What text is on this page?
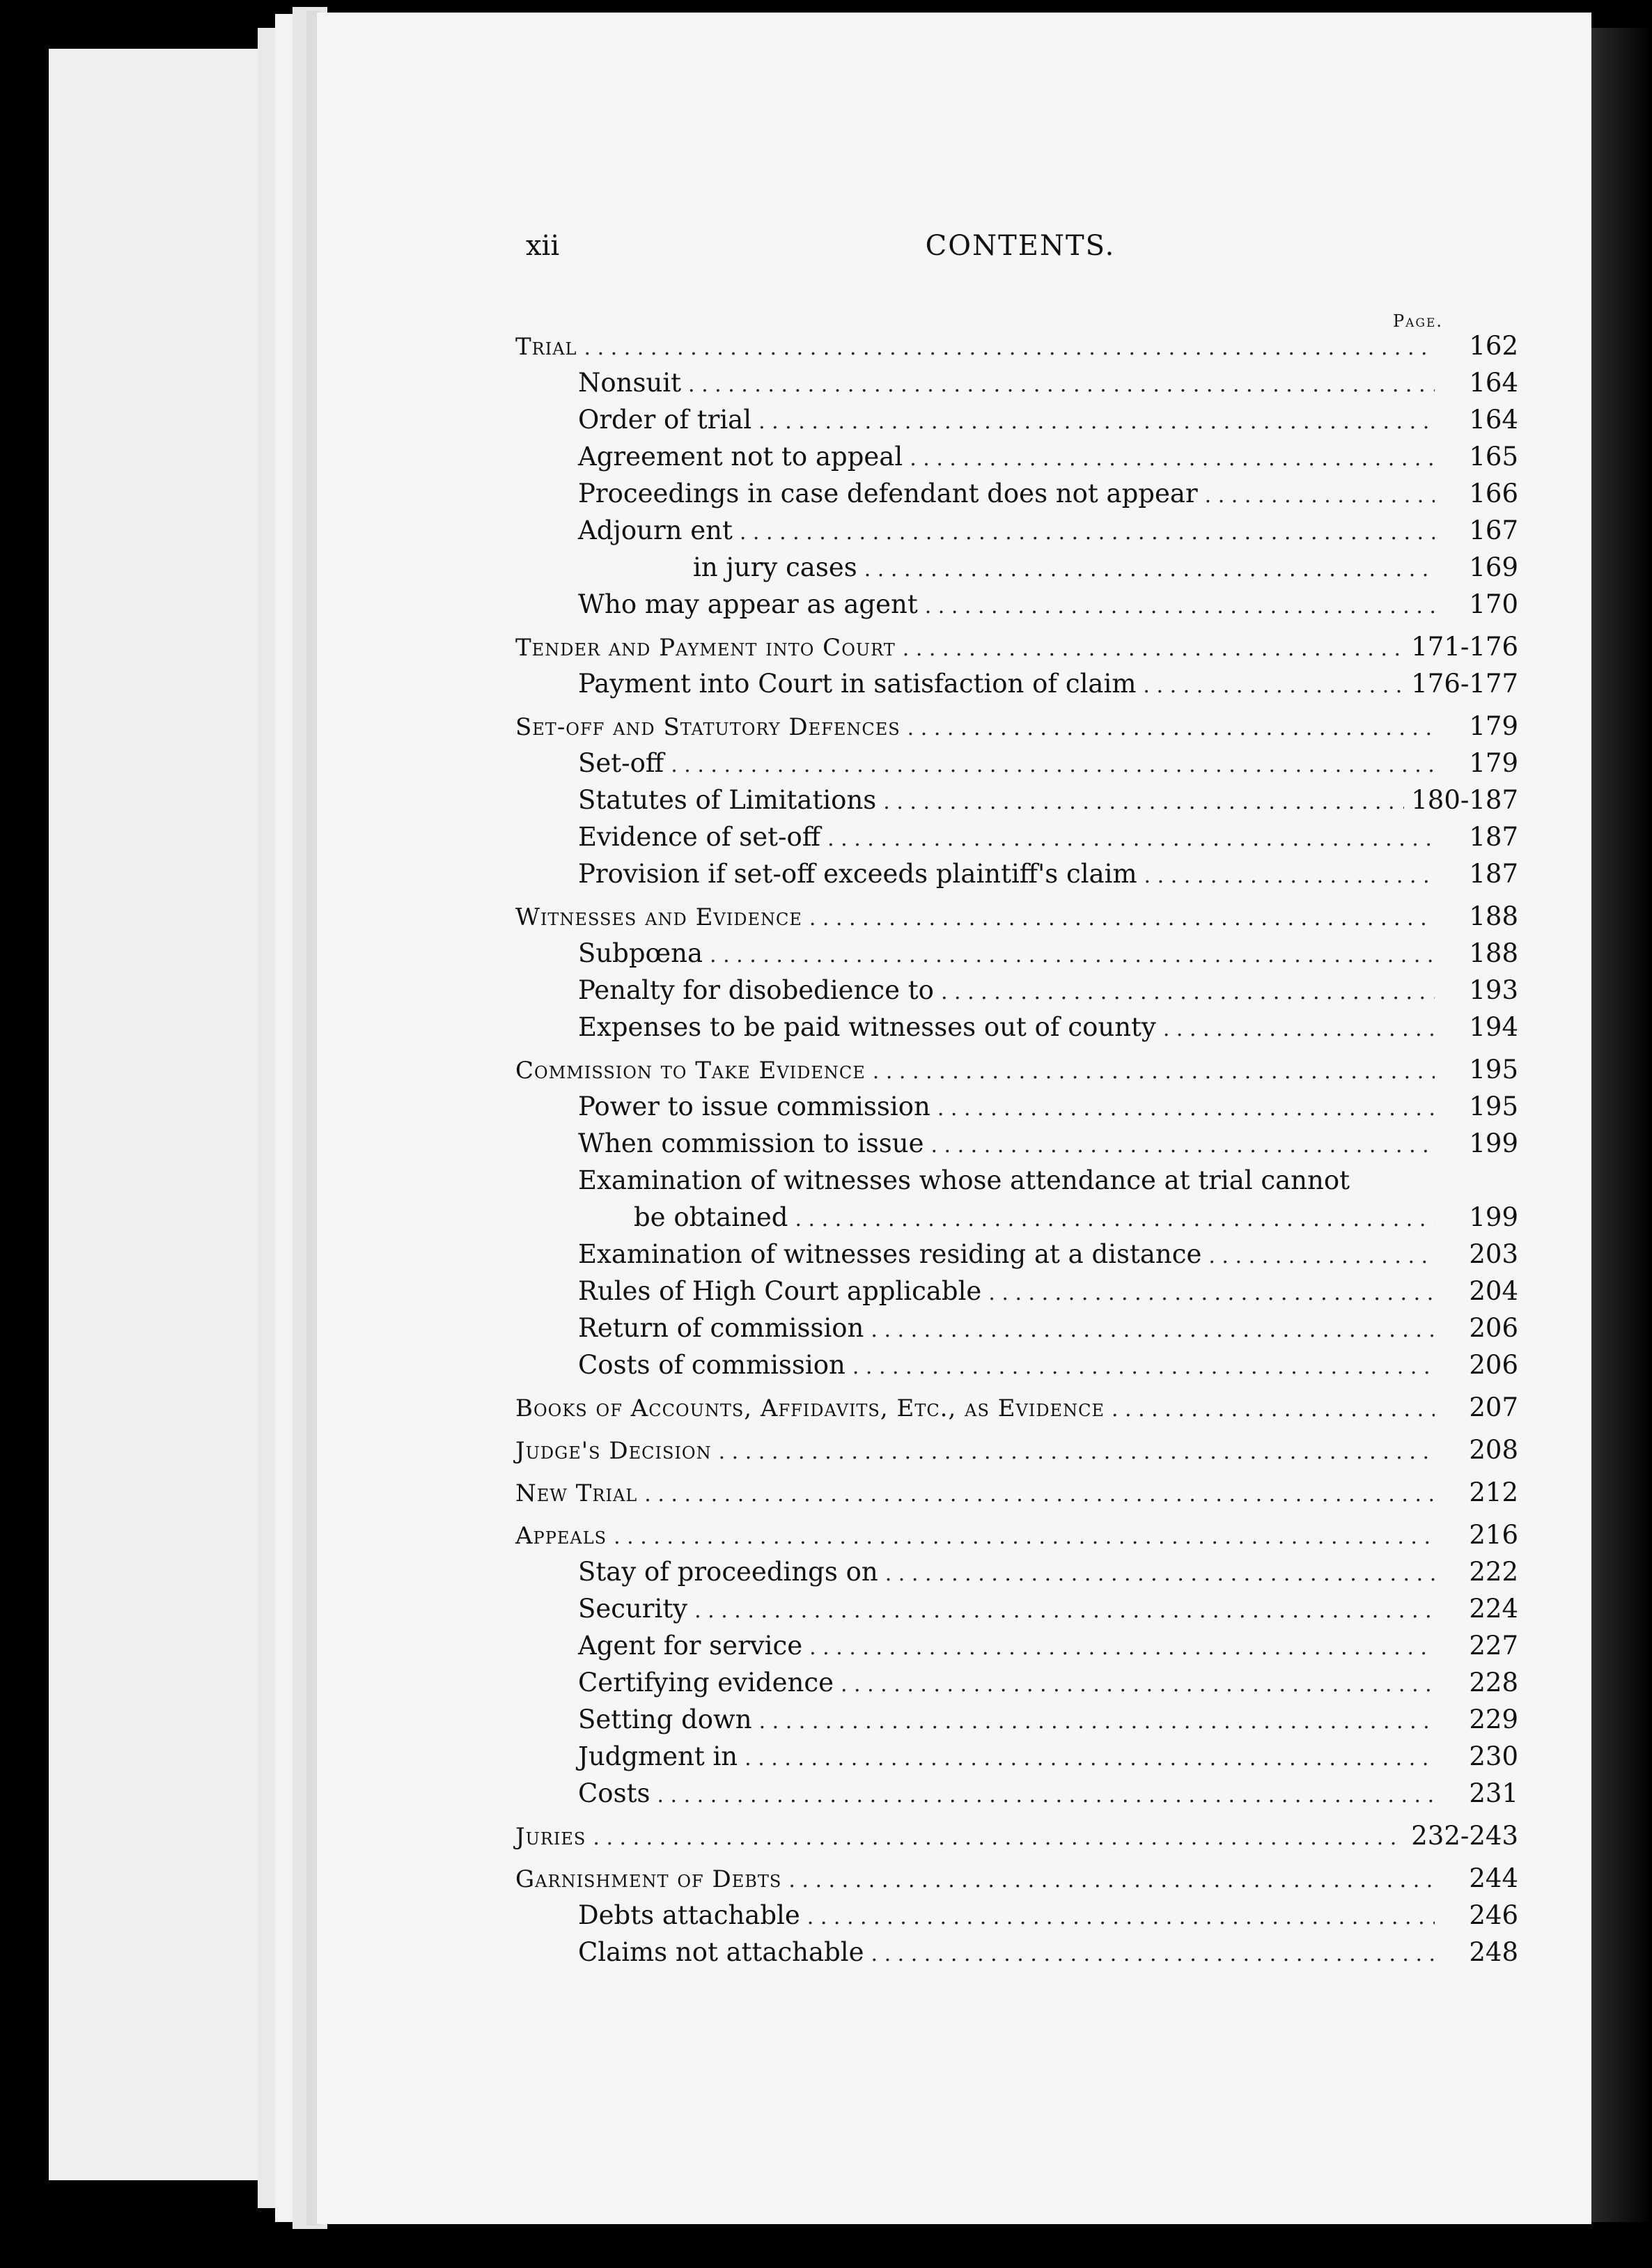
xii	CONTENTS.
Page.
Trial . . .	162
Nonsuit . . .	164
Order of trial . . .	164
Agreement not to appeal . . .	165
Proceedings in case defendant does not appear . . .	166
Adjourn ent . . .	167
in jury cases . . .	169
Who may appear as agent . . .	170
Tender and Payment into Court . . .	171-176
Payment into Court in satisfaction of claim . . .	176-177
Set-off and Statutory Defences . . .	179
Set-off . . .	179
Statutes of Limitations . . .	180-187
Evidence of set-off . . .	187
Provision if set-off exceeds plaintiff's claim . . .	187
Witnesses and Evidence . . .	188
Subpœna . . .	188
Penalty for disobedience to . . .	193
Expenses to be paid witnesses out of county . . .	194
Commission to Take Evidence . . .	195
Power to issue commission . . .	195
When commission to issue . . .	199
Examination of witnesses whose attendance at trial cannot
be obtained . . .	199
Examination of witnesses residing at a distance . . .	203
Rules of High Court applicable . . .	204
Return of commission . . .	206
Costs of commission . . .	206
Books of Accounts, Affidavits, Etc., as Evidence . . .	207
Judge's Decision . . .	208
New Trial . . .	212
Appeals . . .	216
Stay of proceedings on . . .	222
Security . . .	224
Agent for service . . .	227
Certifying evidence . . .	228
Setting down . . .	229
Judgment in . . .	230
Costs . . .	231
Juries . . .	232-243
Garnishment of Debts . . .	244
Debts attachable . . .	246
Claims not attachable . . .	248
